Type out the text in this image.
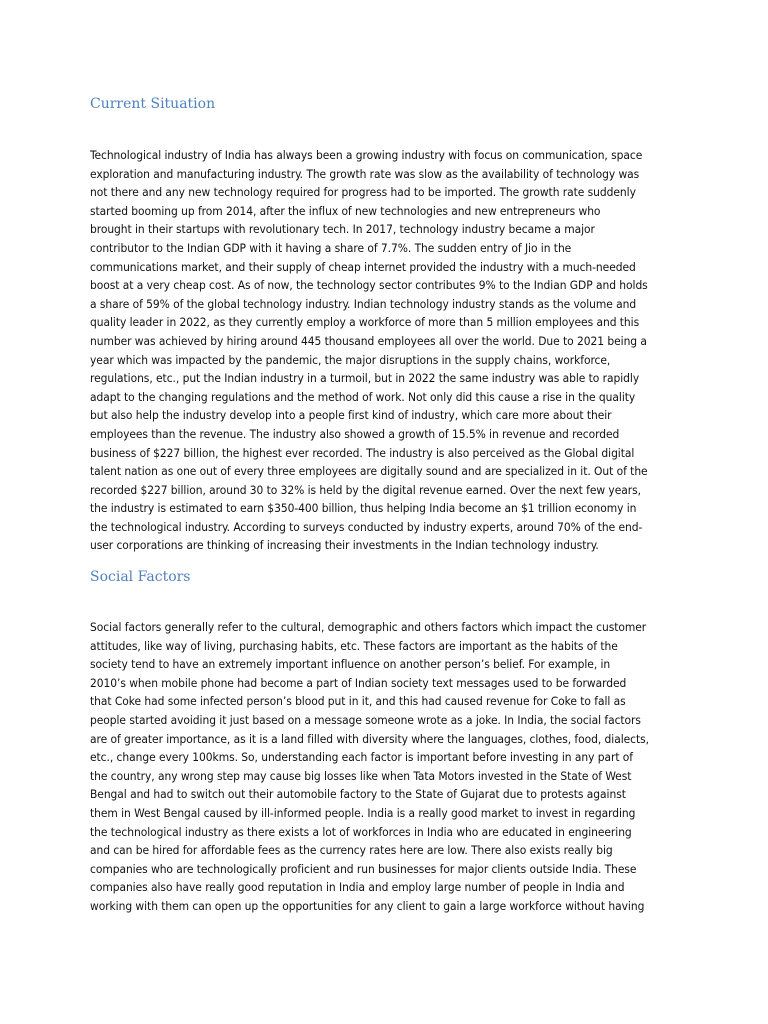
Current Situation
Technological industry of India has always been a growing industry with focus on communication, space
exploration and manufacturing industry. The growth rate was slow as the availability of technology was
not there and any new technology required for progress had to be imported. The growth rate suddenly
started booming up from 2014, after the influx of new technologies and new entrepreneurs who
brought in their startups with revolutionary tech. In 2017, technology industry became a major
contributor to the Indian GDP with it having a share of 7.7%. The sudden entry of Jio in the
communications market, and their supply of cheap internet provided the industry with a much-needed
boost at a very cheap cost. As of now, the technology sector contributes 9% to the Indian GDP and holds
a share of 59% of the global technology industry. Indian technology industry stands as the volume and
quality leader in 2022, as they currently employ a workforce of more than 5 million employees and this
number was achieved by hiring around 445 thousand employees all over the world. Due to 2021 being a
year which was impacted by the pandemic, the major disruptions in the supply chains, workforce,
regulations, etc., put the Indian industry in a turmoil, but in 2022 the same industry was able to rapidly
adapt to the changing regulations and the method of work. Not only did this cause a rise in the quality
but also help the industry develop into a people first kind of industry, which care more about their
employees than the revenue. The industry also showed a growth of 15.5% in revenue and recorded
business of $227 billion, the highest ever recorded. The industry is also perceived as the Global digital
talent nation as one out of every three employees are digitally sound and are specialized in it. Out of the
recorded $227 billion, around 30 to 32% is held by the digital revenue earned. Over the next few years,
the industry is estimated to earn $350-400 billion, thus helping India become an $1 trillion economy in
the technological industry. According to surveys conducted by industry experts, around 70% of the end-
user corporations are thinking of increasing their investments in the Indian technology industry.
Social Factors
Social factors generally refer to the cultural, demographic and others factors which impact the customer
attitudes, like way of living, purchasing habits, etc. These factors are important as the habits of the
society tend to have an extremely important influence on another person’s belief. For example, in
2010’s when mobile phone had become a part of Indian society text messages used to be forwarded
that Coke had some infected person’s blood put in it, and this had caused revenue for Coke to fall as
people started avoiding it just based on a message someone wrote as a joke. In India, the social factors
are of greater importance, as it is a land filled with diversity where the languages, clothes, food, dialects,
etc., change every 100kms. So, understanding each factor is important before investing in any part of
the country, any wrong step may cause big losses like when Tata Motors invested in the State of West
Bengal and had to switch out their automobile factory to the State of Gujarat due to protests against
them in West Bengal caused by ill-informed people. India is a really good market to invest in regarding
the technological industry as there exists a lot of workforces in India who are educated in engineering
and can be hired for affordable fees as the currency rates here are low. There also exists really big
companies who are technologically proficient and run businesses for major clients outside India. These
companies also have really good reputation in India and employ large number of people in India and
working with them can open up the opportunities for any client to gain a large workforce without having
